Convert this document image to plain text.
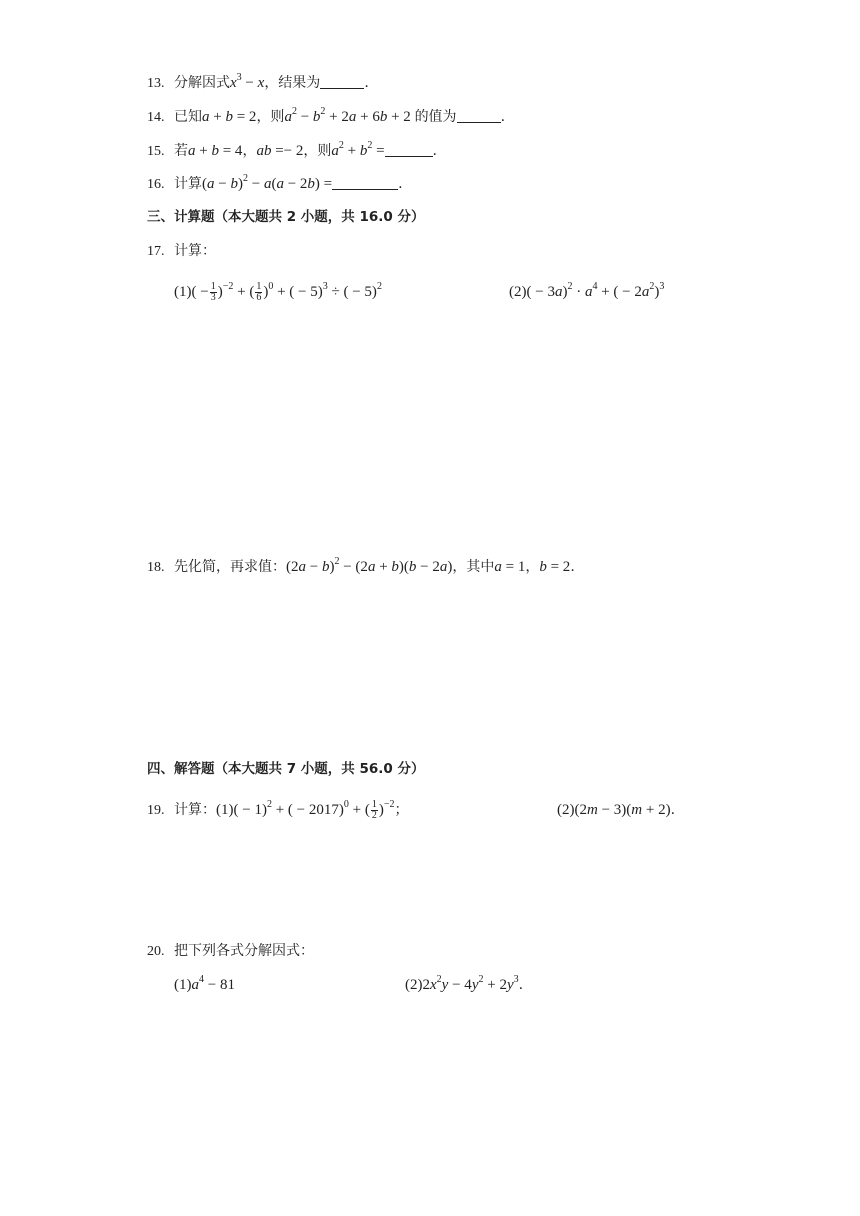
13. 分解因式$x^3 - x$，结果为	.
14. 已知a + b = 2，则$a^2 - b^2 + 2a + 6b + 2$ 的值为	.
15. 若a + b = 4，ab =− 2，则$a^2 + b^2$ =	.
16. 计算$(a - b)^2 - a(a - 2b)$ =	.
三、计算题（本大题共 2 小题，共 16.0 分）
17. 计算：
$(1)( - \frac{1}{3} )^{-2}$ + ( $\frac{1}{6} )^0$ + ( − 5)$^3$ ÷ ( − 5)$^2$	$(2)( - 3a)^2 \cdot a^4$ + ( − $2a^2)^3$
18. 先化简，再求值：$(2a - b)^2 - (2a + b)(b - 2a)$，其中a = 1，b = 2.
四、解答题（本大题共 7 小题，共 56.0 分）
19. 计算：$(1)( - 1)^2$ + ( − 2017)$^0$ + ( $\frac{1}{2} )^{-2}$；	(2)(2m − 3)(m + 2).
20. 把下列各式分解因式：
$(1)a^4 - 81$	$(2)2x^2y - 4y^2 + 2y^3$.
